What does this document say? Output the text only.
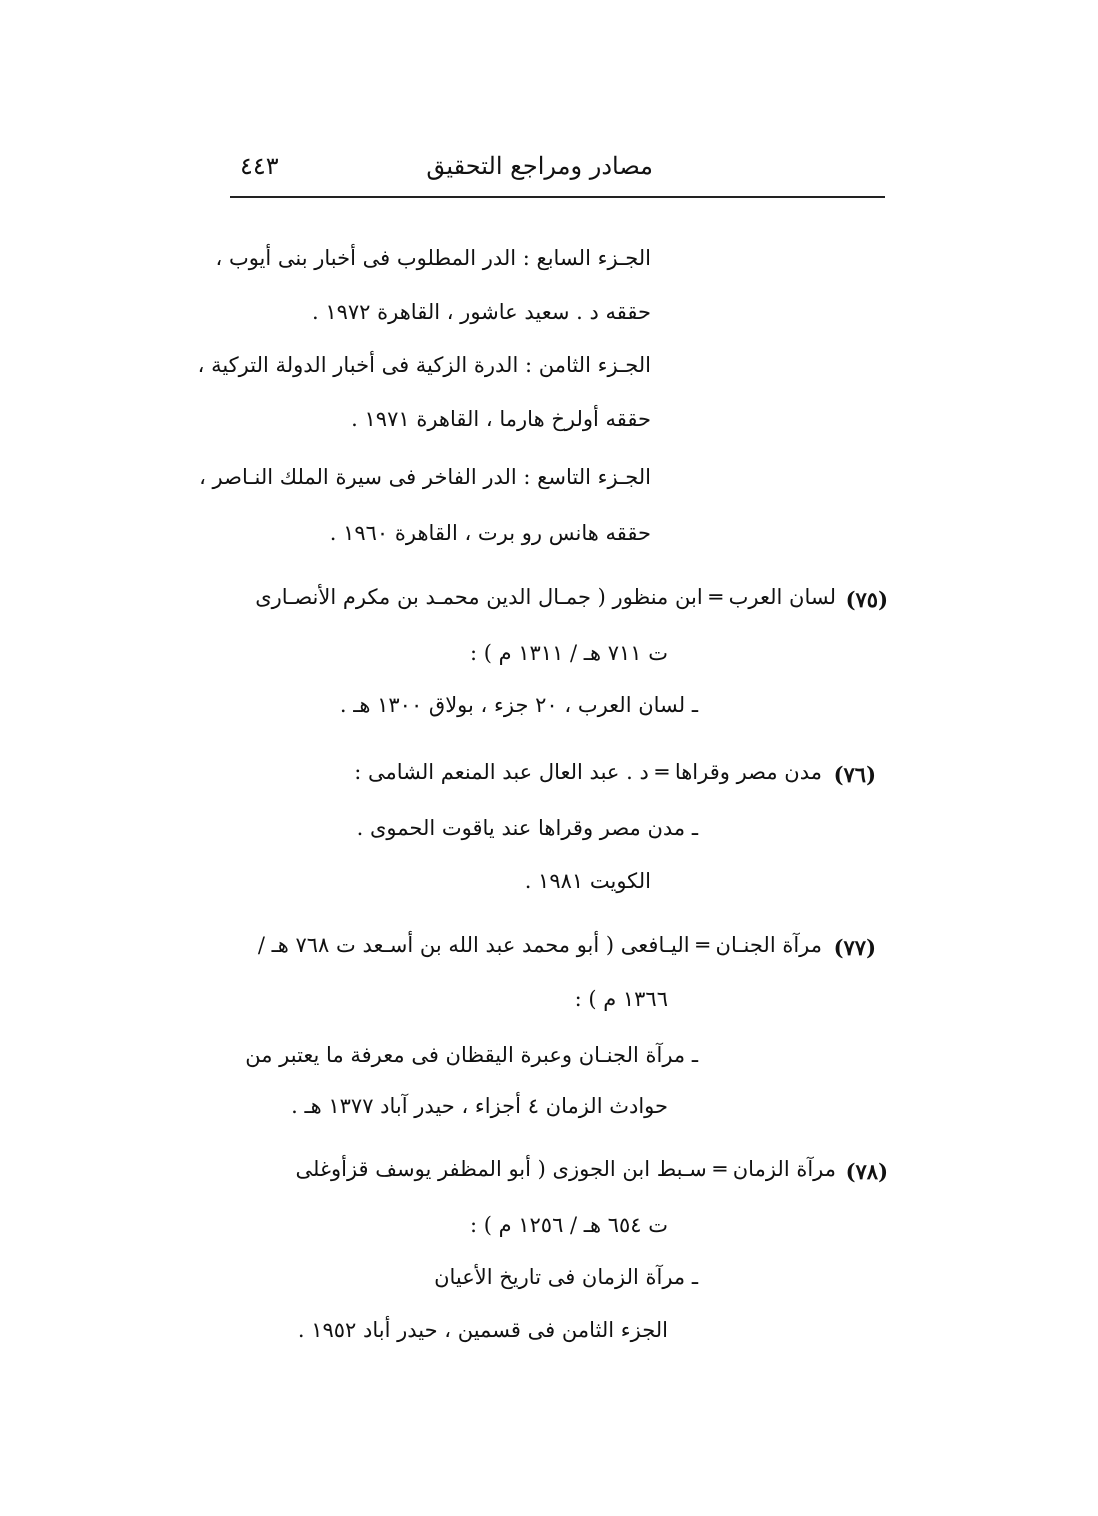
مصادر ومراجع التحقيق
٤٤٣
الجـزء السابع : الدر المطلوب فى أخبار بنى أيوب ،
حققه د . سعيد عاشور ، القاهرة ١٩٧٢ .
الجـزء الثامن : الدرة الزكية فى أخبار الدولة التركية ،
حققه أولرخ هارما ، القاهرة ١٩٧١ .
الجـزء التاسع : الدر الفاخر فى سيرة الملك النـاصر ،
حققه هانس رو برت ، القاهرة ١٩٦٠ .
(٧٥)
لسان العرب ═ ابن منظور ( جمـال الدين محمـد بن مكرم الأنصـارى
ت ٧١١ هـ / ١٣١١ م ) :
ـ لسان العرب ، ٢٠ جزء ، بولاق ١٣٠٠ هـ .
(٧٦)
مدن مصر وقراها ═ د . عبد العال عبد المنعم الشامى :
ـ مدن مصر وقراها عند ياقوت الحموى .
الكويت ١٩٨١ .
(٧٧)
مرآة الجنـان ═ اليـافعى ( أبو محمد عبد الله بن أسـعد ت ٧٦٨ هـ /
١٣٦٦ م ) :
ـ مرآة الجنـان وعبرة اليقظان فى معرفة ما يعتبر من
حوادث الزمان ٤ أجزاء ، حيدر آباد ١٣٧٧ هـ .
(٧٨)
مرآة الزمان ═ سـبط ابن الجوزى ( أبو المظفر يوسف قزأوغلى
ت ٦٥٤ هـ / ١٢٥٦ م ) :
ـ مرآة الزمان فى تاريخ الأعيان
الجزء الثامن فى قسمين ، حيدر أباد ١٩٥٢ .
